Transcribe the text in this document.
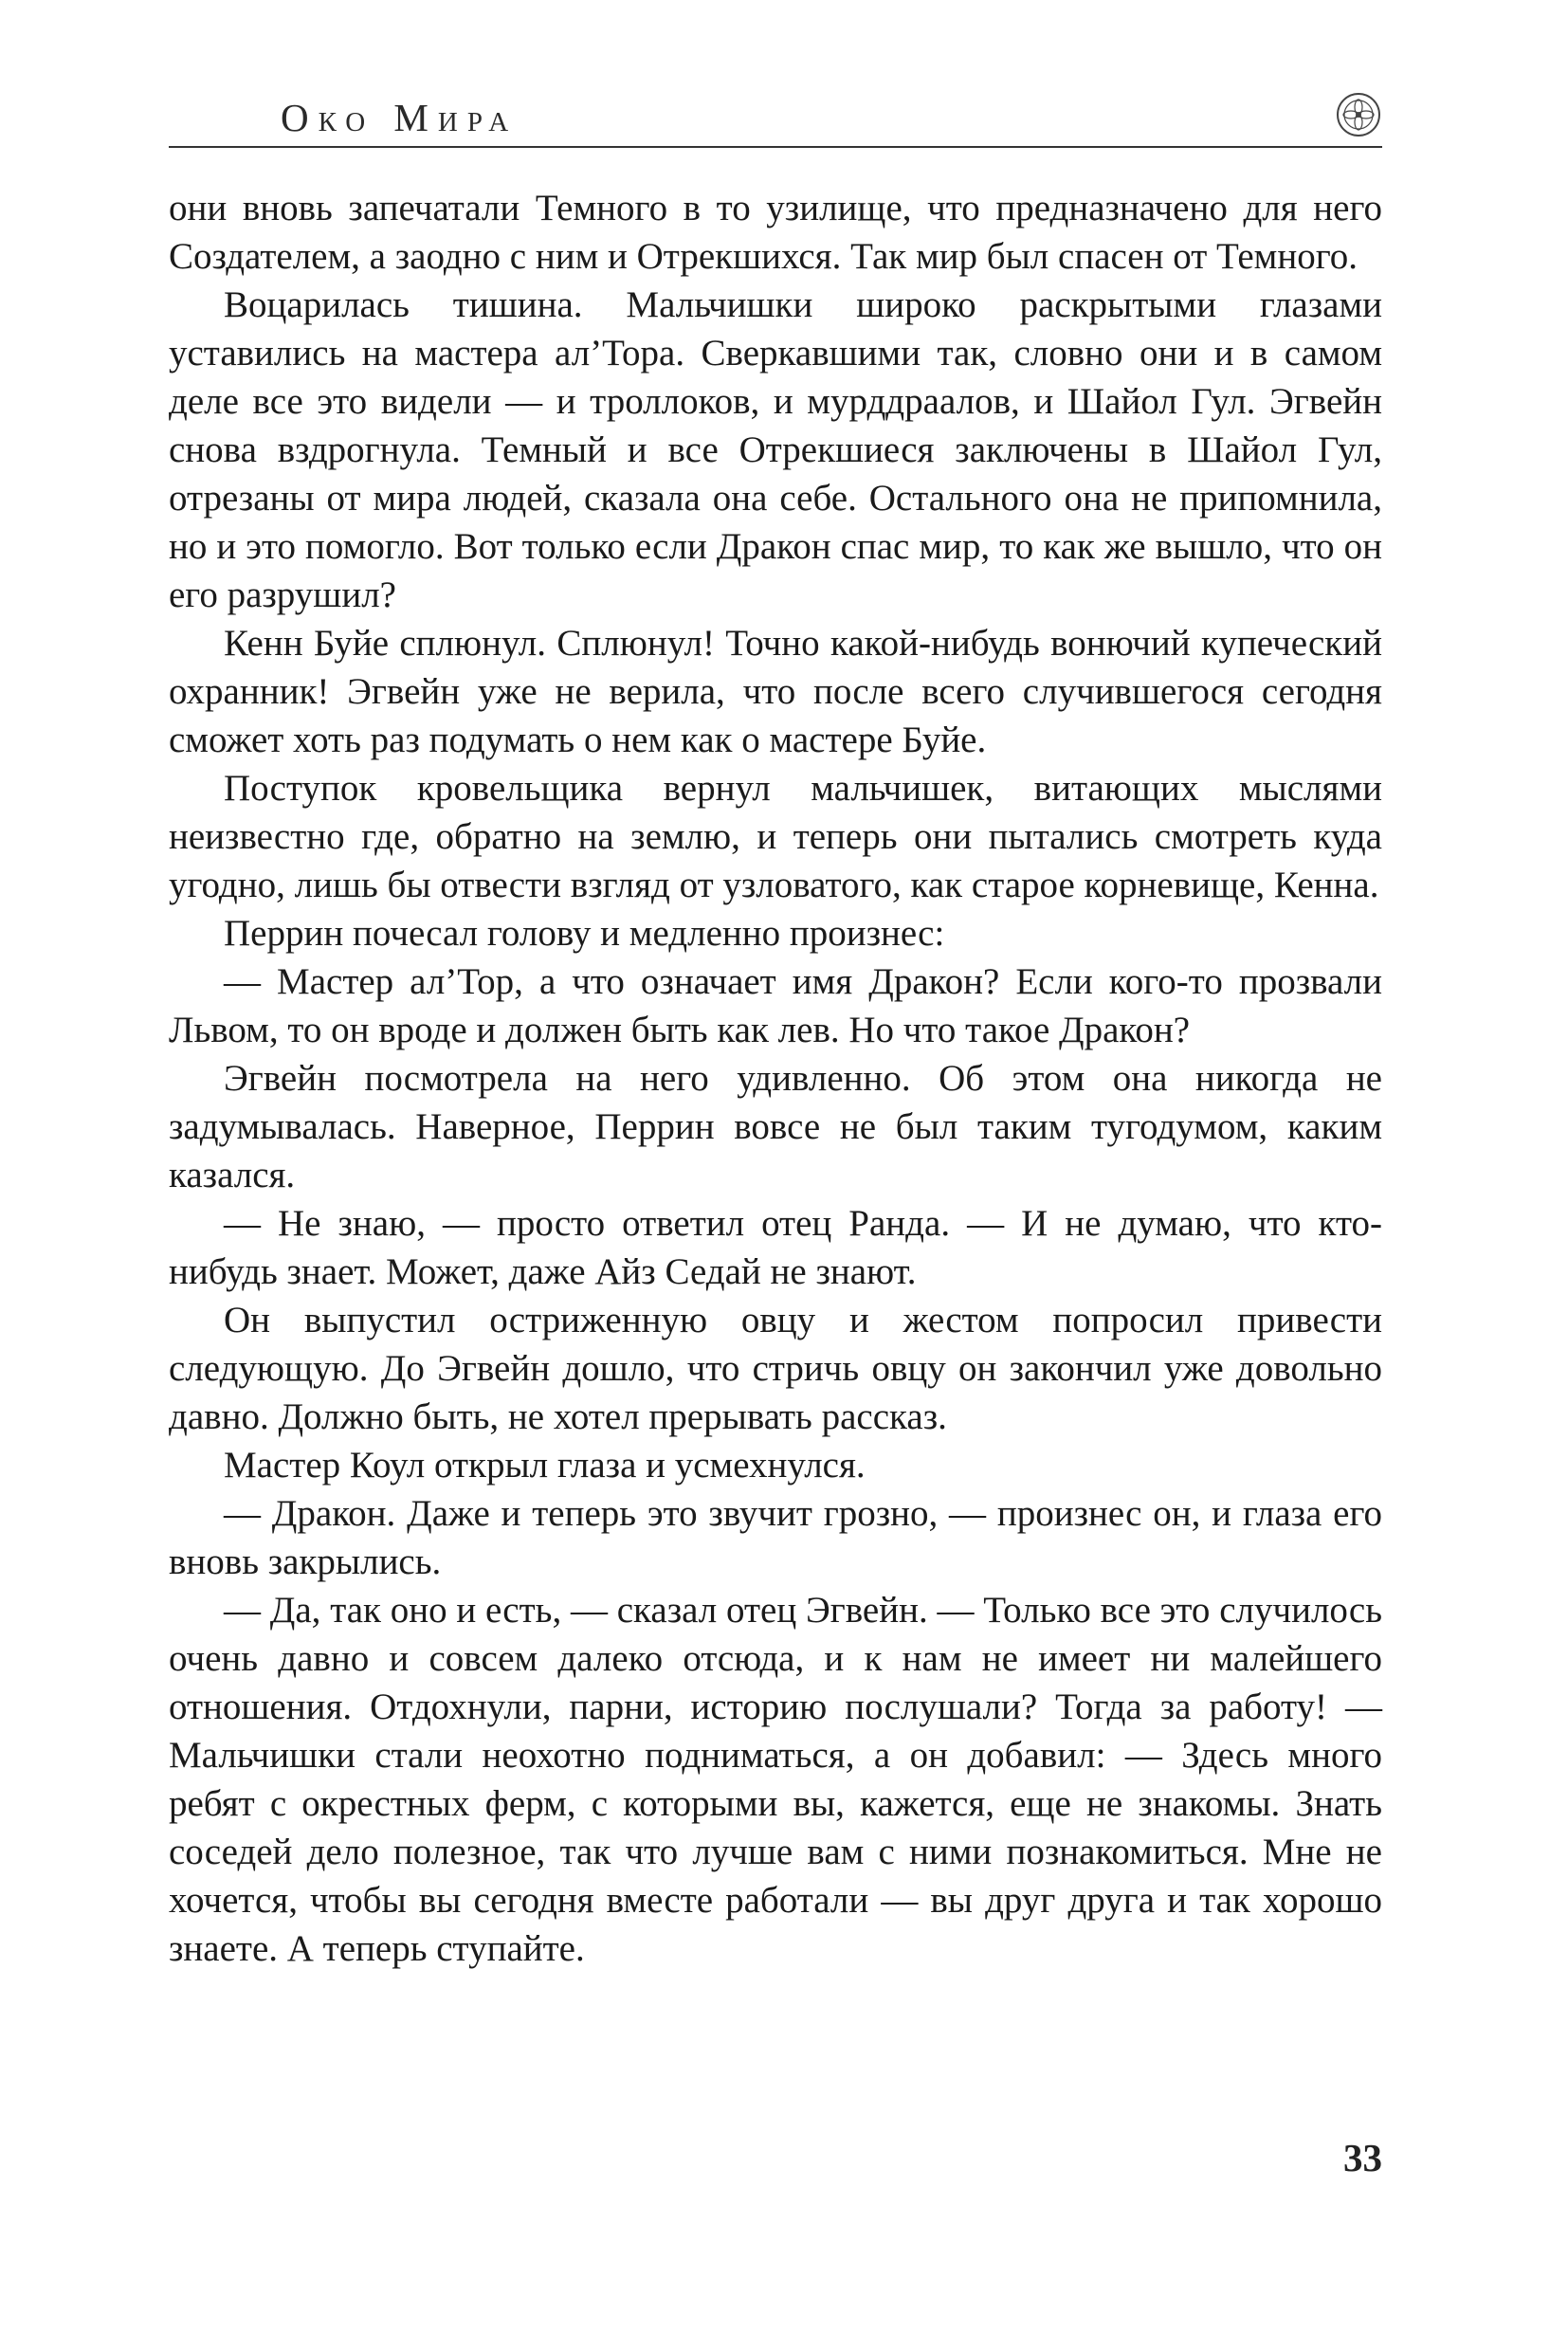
Око Мира

они вновь запечатали Темного в то узилище, что предназначено для него Создателем, а заодно с ним и Отрекшихся. Так мир был спасен от Темного.

Воцарилась тишина. Мальчишки широко раскрытыми глазами уставились на мастера ал’Тора. Сверкавшими так, словно они и в самом деле все это видели — и троллоков, и мурддраалов, и Шайол Гул. Эгвейн снова вздрогнула. Темный и все Отрекшиеся заключены в Шайол Гул, отрезаны от мира людей, сказала она себе. Остального она не припомнила, но и это помогло. Вот только если Дракон спас мир, то как же вышло, что он его разрушил?

Кенн Буйе сплюнул. Сплюнул! Точно какой-нибудь вонючий купеческий охранник! Эгвейн уже не верила, что после всего случившегося сегодня сможет хоть раз подумать о нем как о мастере Буйе.

Поступок кровельщика вернул мальчишек, витающих мыслями неизвестно где, обратно на землю, и теперь они пытались смотреть куда угодно, лишь бы отвести взгляд от узловатого, как старое корневище, Кенна.

Перрин почесал голову и медленно произнес:

— Мастер ал’Тор, а что означает имя Дракон? Если кого-то прозвали Львом, то он вроде и должен быть как лев. Но что такое Дракон?

Эгвейн посмотрела на него удивленно. Об этом она никогда не задумывалась. Наверное, Перрин вовсе не был таким тугодумом, каким казался.

— Не знаю, — просто ответил отец Ранда. — И не думаю, что кто-нибудь знает. Может, даже Айз Седай не знают.

Он выпустил остриженную овцу и жестом попросил привести следующую. До Эгвейн дошло, что стричь овцу он закончил уже довольно давно. Должно быть, не хотел прерывать рассказ.

Мастер Коул открыл глаза и усмехнулся.

— Дракон. Даже и теперь это звучит грозно, — произнес он, и глаза его вновь закрылись.

— Да, так оно и есть, — сказал отец Эгвейн. — Только все это случилось очень давно и совсем далеко отсюда, и к нам не имеет ни малейшего отношения. Отдохнули, парни, историю послушали? Тогда за работу! — Мальчишки стали неохотно подниматься, а он добавил: — Здесь много ребят с окрестных ферм, с которыми вы, кажется, еще не знакомы. Знать соседей дело полезное, так что лучше вам с ними познакомиться. Мне не хочется, чтобы вы сегодня вместе работали — вы друг друга и так хорошо знаете. А теперь ступайте.

33
